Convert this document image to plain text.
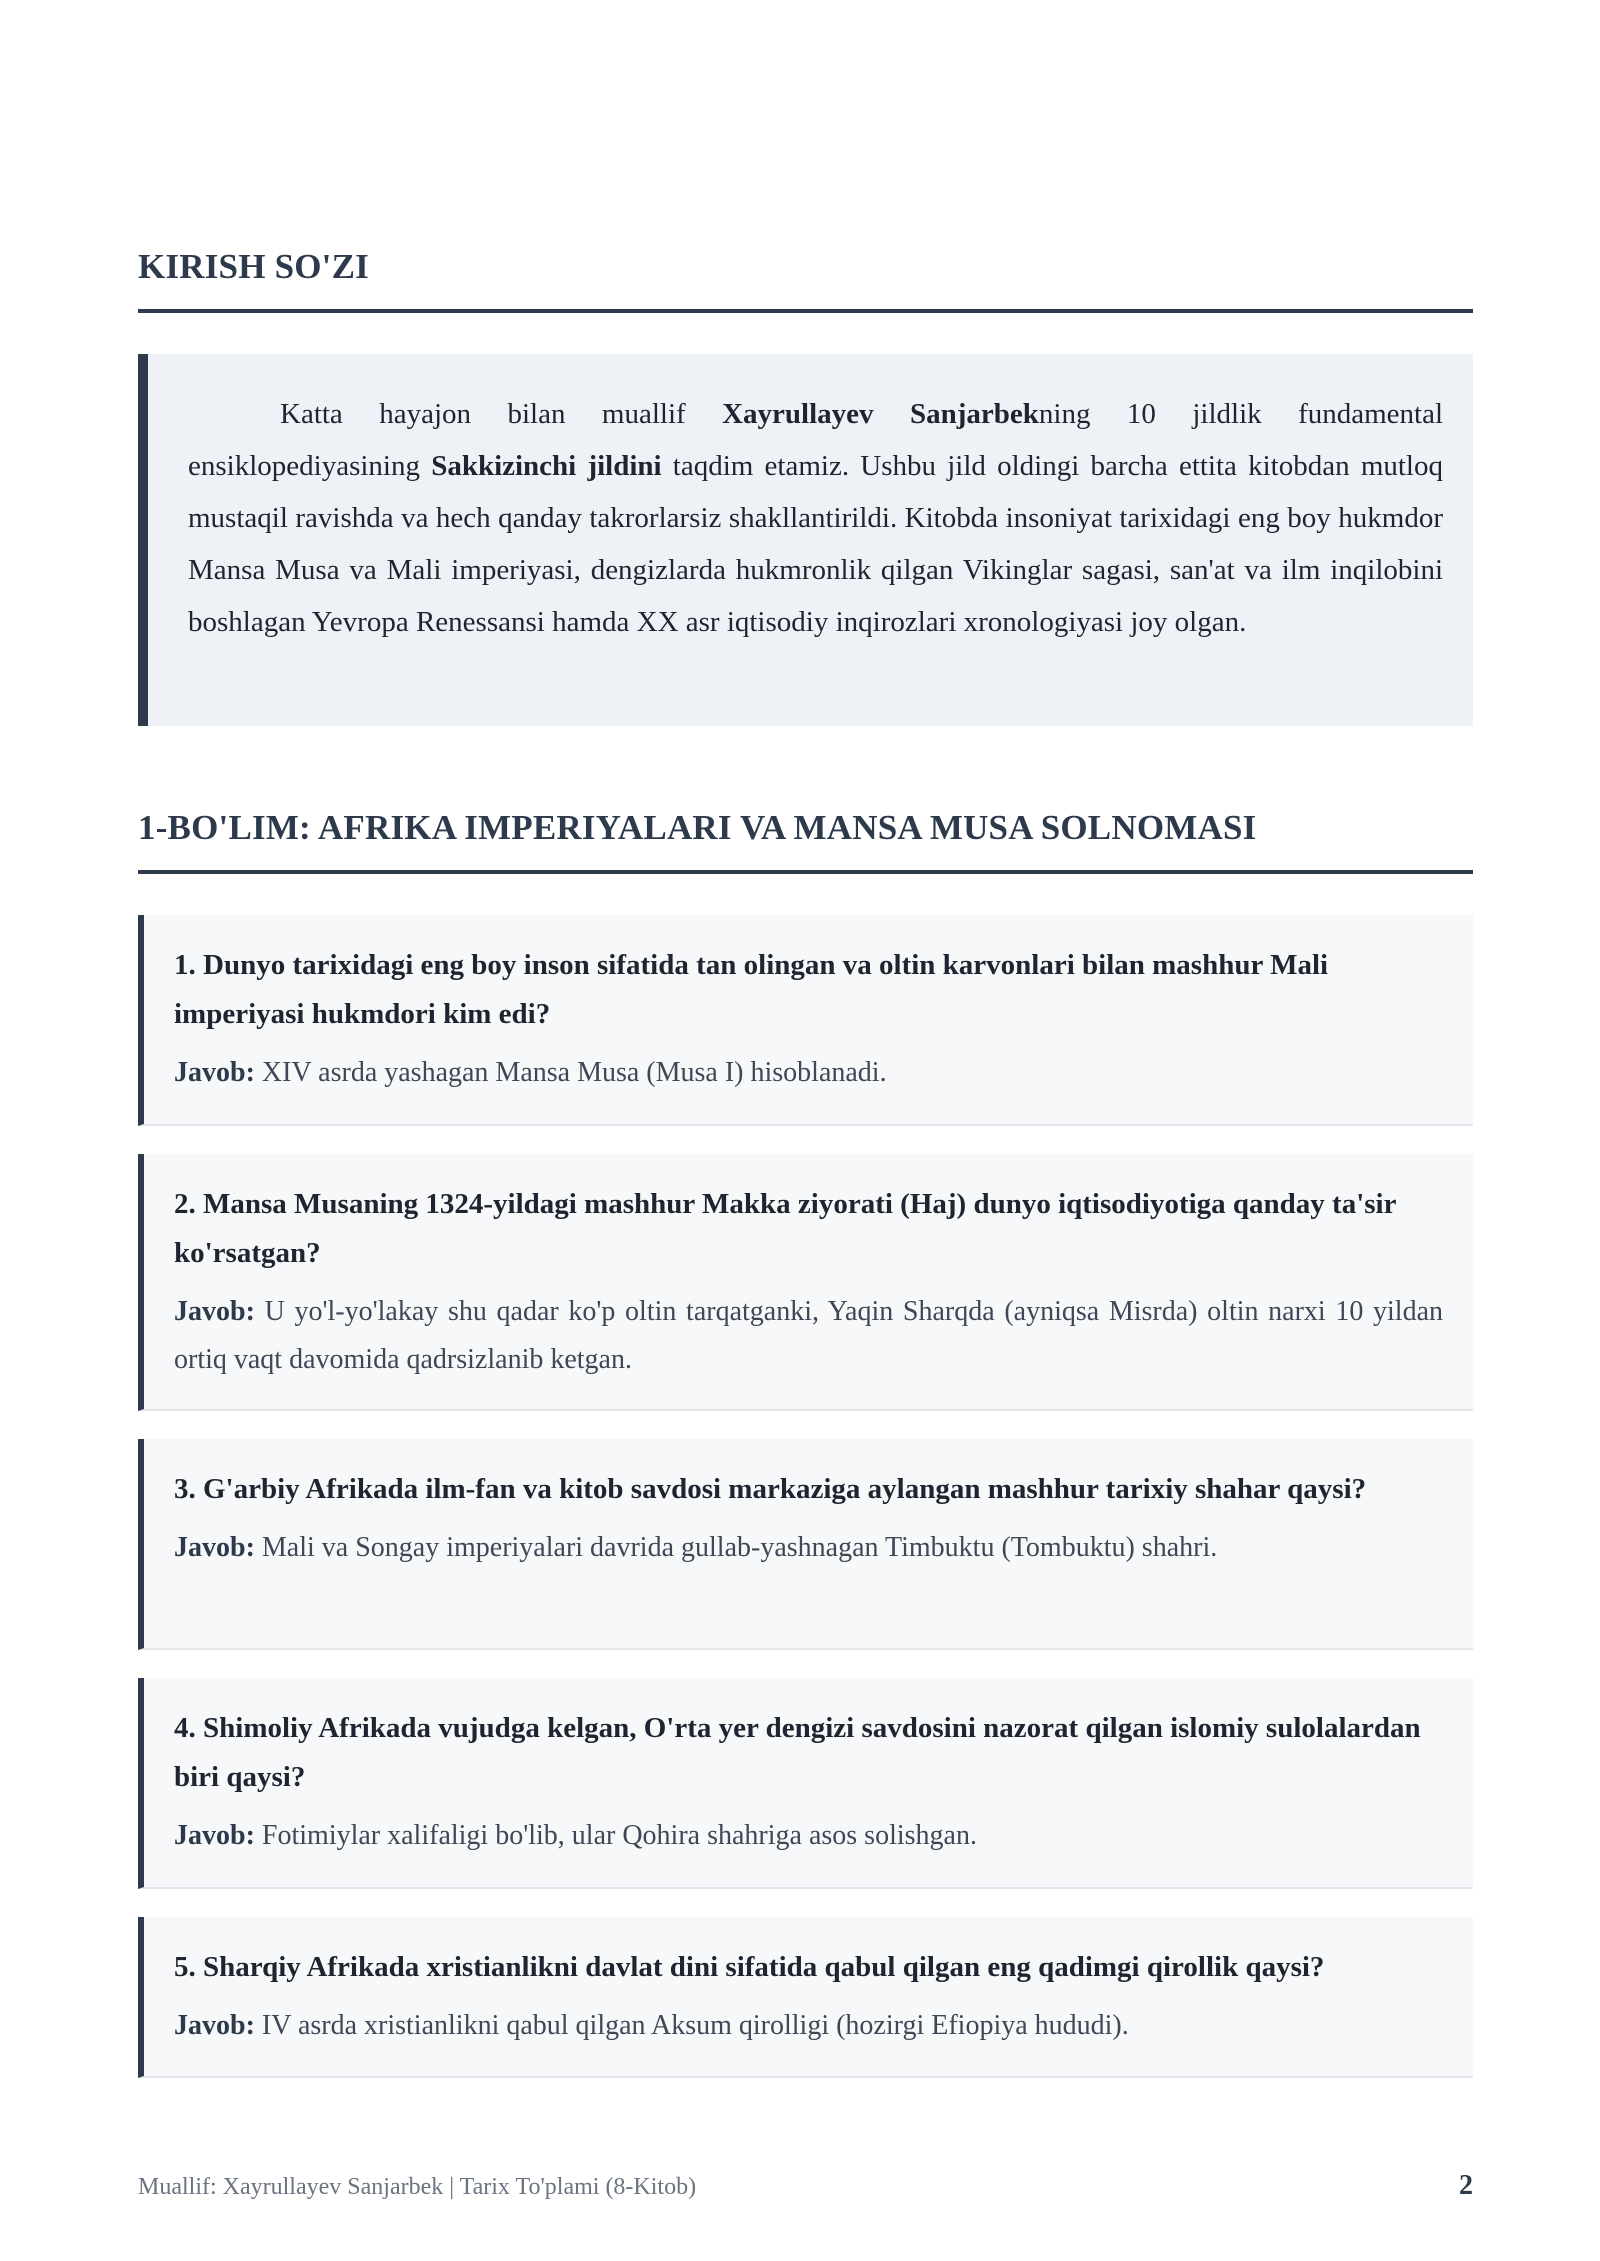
KIRISH SO'ZI

Katta hayajon bilan muallif Xayrullayev Sanjarbekning 10 jildlik fundamental ensiklopediyasining Sakkizinchi jildini taqdim etamiz. Ushbu jild oldingi barcha ettita kitobdan mutloq mustaqil ravishda va hech qanday takrorlarsiz shakllantirildi. Kitobda insoniyat tarixidagi eng boy hukmdor Mansa Musa va Mali imperiyasi, dengizlarda hukmronlik qilgan Vikinglar sagasi, san'at va ilm inqilobini boshlagan Yevropa Renessansi hamda XX asr iqtisodiy inqirozlari xronologiyasi joy olgan.

1-BO'LIM: AFRIKA IMPERIYALARI VA MANSA MUSA SOLNOMASI

1. Dunyo tarixidagi eng boy inson sifatida tan olingan va oltin karvonlari bilan mashhur Mali imperiyasi hukmdori kim edi?

Javob: XIV asrda yashagan Mansa Musa (Musa I) hisoblanadi.

2. Mansa Musaning 1324-yildagi mashhur Makka ziyorati (Haj) dunyo iqtisodiyotiga qanday ta'sir ko'rsatgan?

Javob: U yo'l-yo'lakay shu qadar ko'p oltin tarqatganki, Yaqin Sharqda (ayniqsa Misrda) oltin narxi 10 yildan ortiq vaqt davomida qadrsizlanib ketgan.

3. G'arbiy Afrikada ilm-fan va kitob savdosi markaziga aylangan mashhur tarixiy shahar qaysi?

Javob: Mali va Songay imperiyalari davrida gullab-yashnagan Timbuktu (Tombuktu) shahri.

4. Shimoliy Afrikada vujudga kelgan, O'rta yer dengizi savdosini nazorat qilgan islomiy sulolalardan biri qaysi?

Javob: Fotimiylar xalifaligi bo'lib, ular Qohira shahriga asos solishgan.

5. Sharqiy Afrikada xristianlikni davlat dini sifatida qabul qilgan eng qadimgi qirollik qaysi?

Javob: IV asrda xristianlikni qabul qilgan Aksum qirolligi (hozirgi Efiopiya hududi).

Muallif: Xayrullayev Sanjarbek | Tarix To'plami (8-Kitob)	2
